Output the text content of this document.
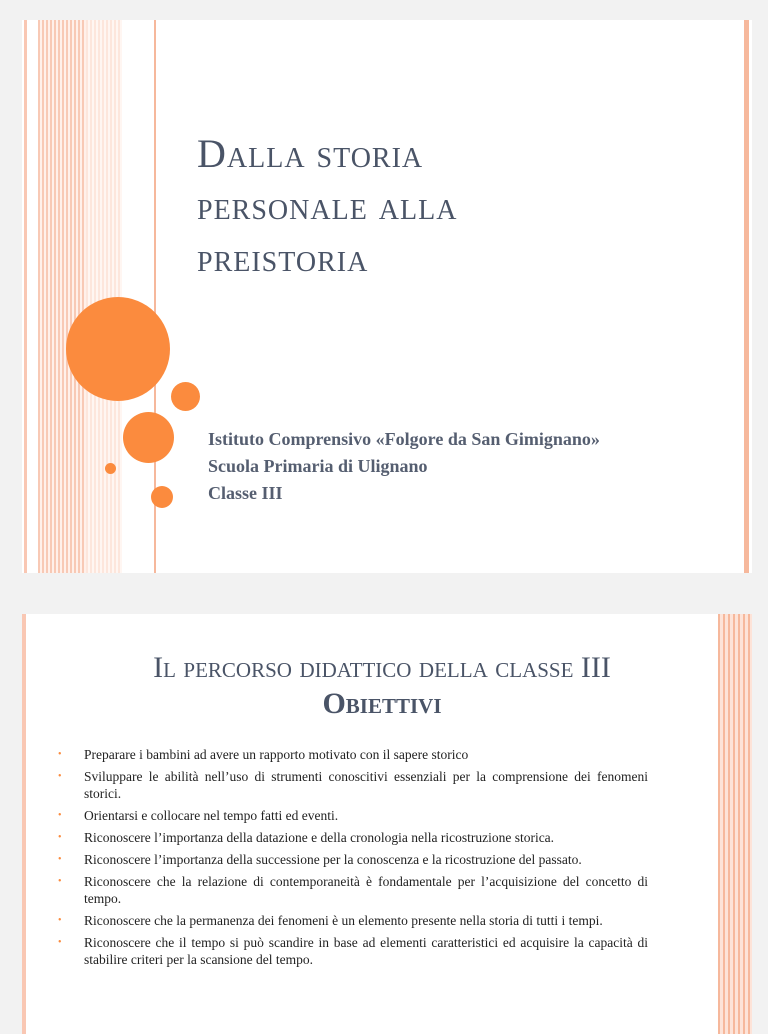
Dalla storia
personale alla
preistoria
Istituto Comprensivo «Folgore da San Gimignano»
Scuola Primaria di Ulignano
Classe III
Il percorso didattico della classe III
Obiettivi
• Preparare i bambini ad avere un rapporto motivato con il sapere storico
• Sviluppare le abilità nell’uso di strumenti conoscitivi essenziali per la comprensione dei fenomeni storici.
• Orientarsi e collocare nel tempo fatti ed eventi.
• Riconoscere l’importanza della datazione e della cronologia nella ricostruzione storica.
• Riconoscere l’importanza della successione per la conoscenza e la ricostruzione del passato.
• Riconoscere che la relazione di contemporaneità è fondamentale per l’acquisizione del concetto di tempo.
• Riconoscere che la permanenza dei fenomeni è un elemento presente nella storia di tutti i tempi.
• Riconoscere che il tempo si può scandire in base ad elementi caratteristici ed acquisire la capacità di stabilire criteri per la scansione del tempo.
